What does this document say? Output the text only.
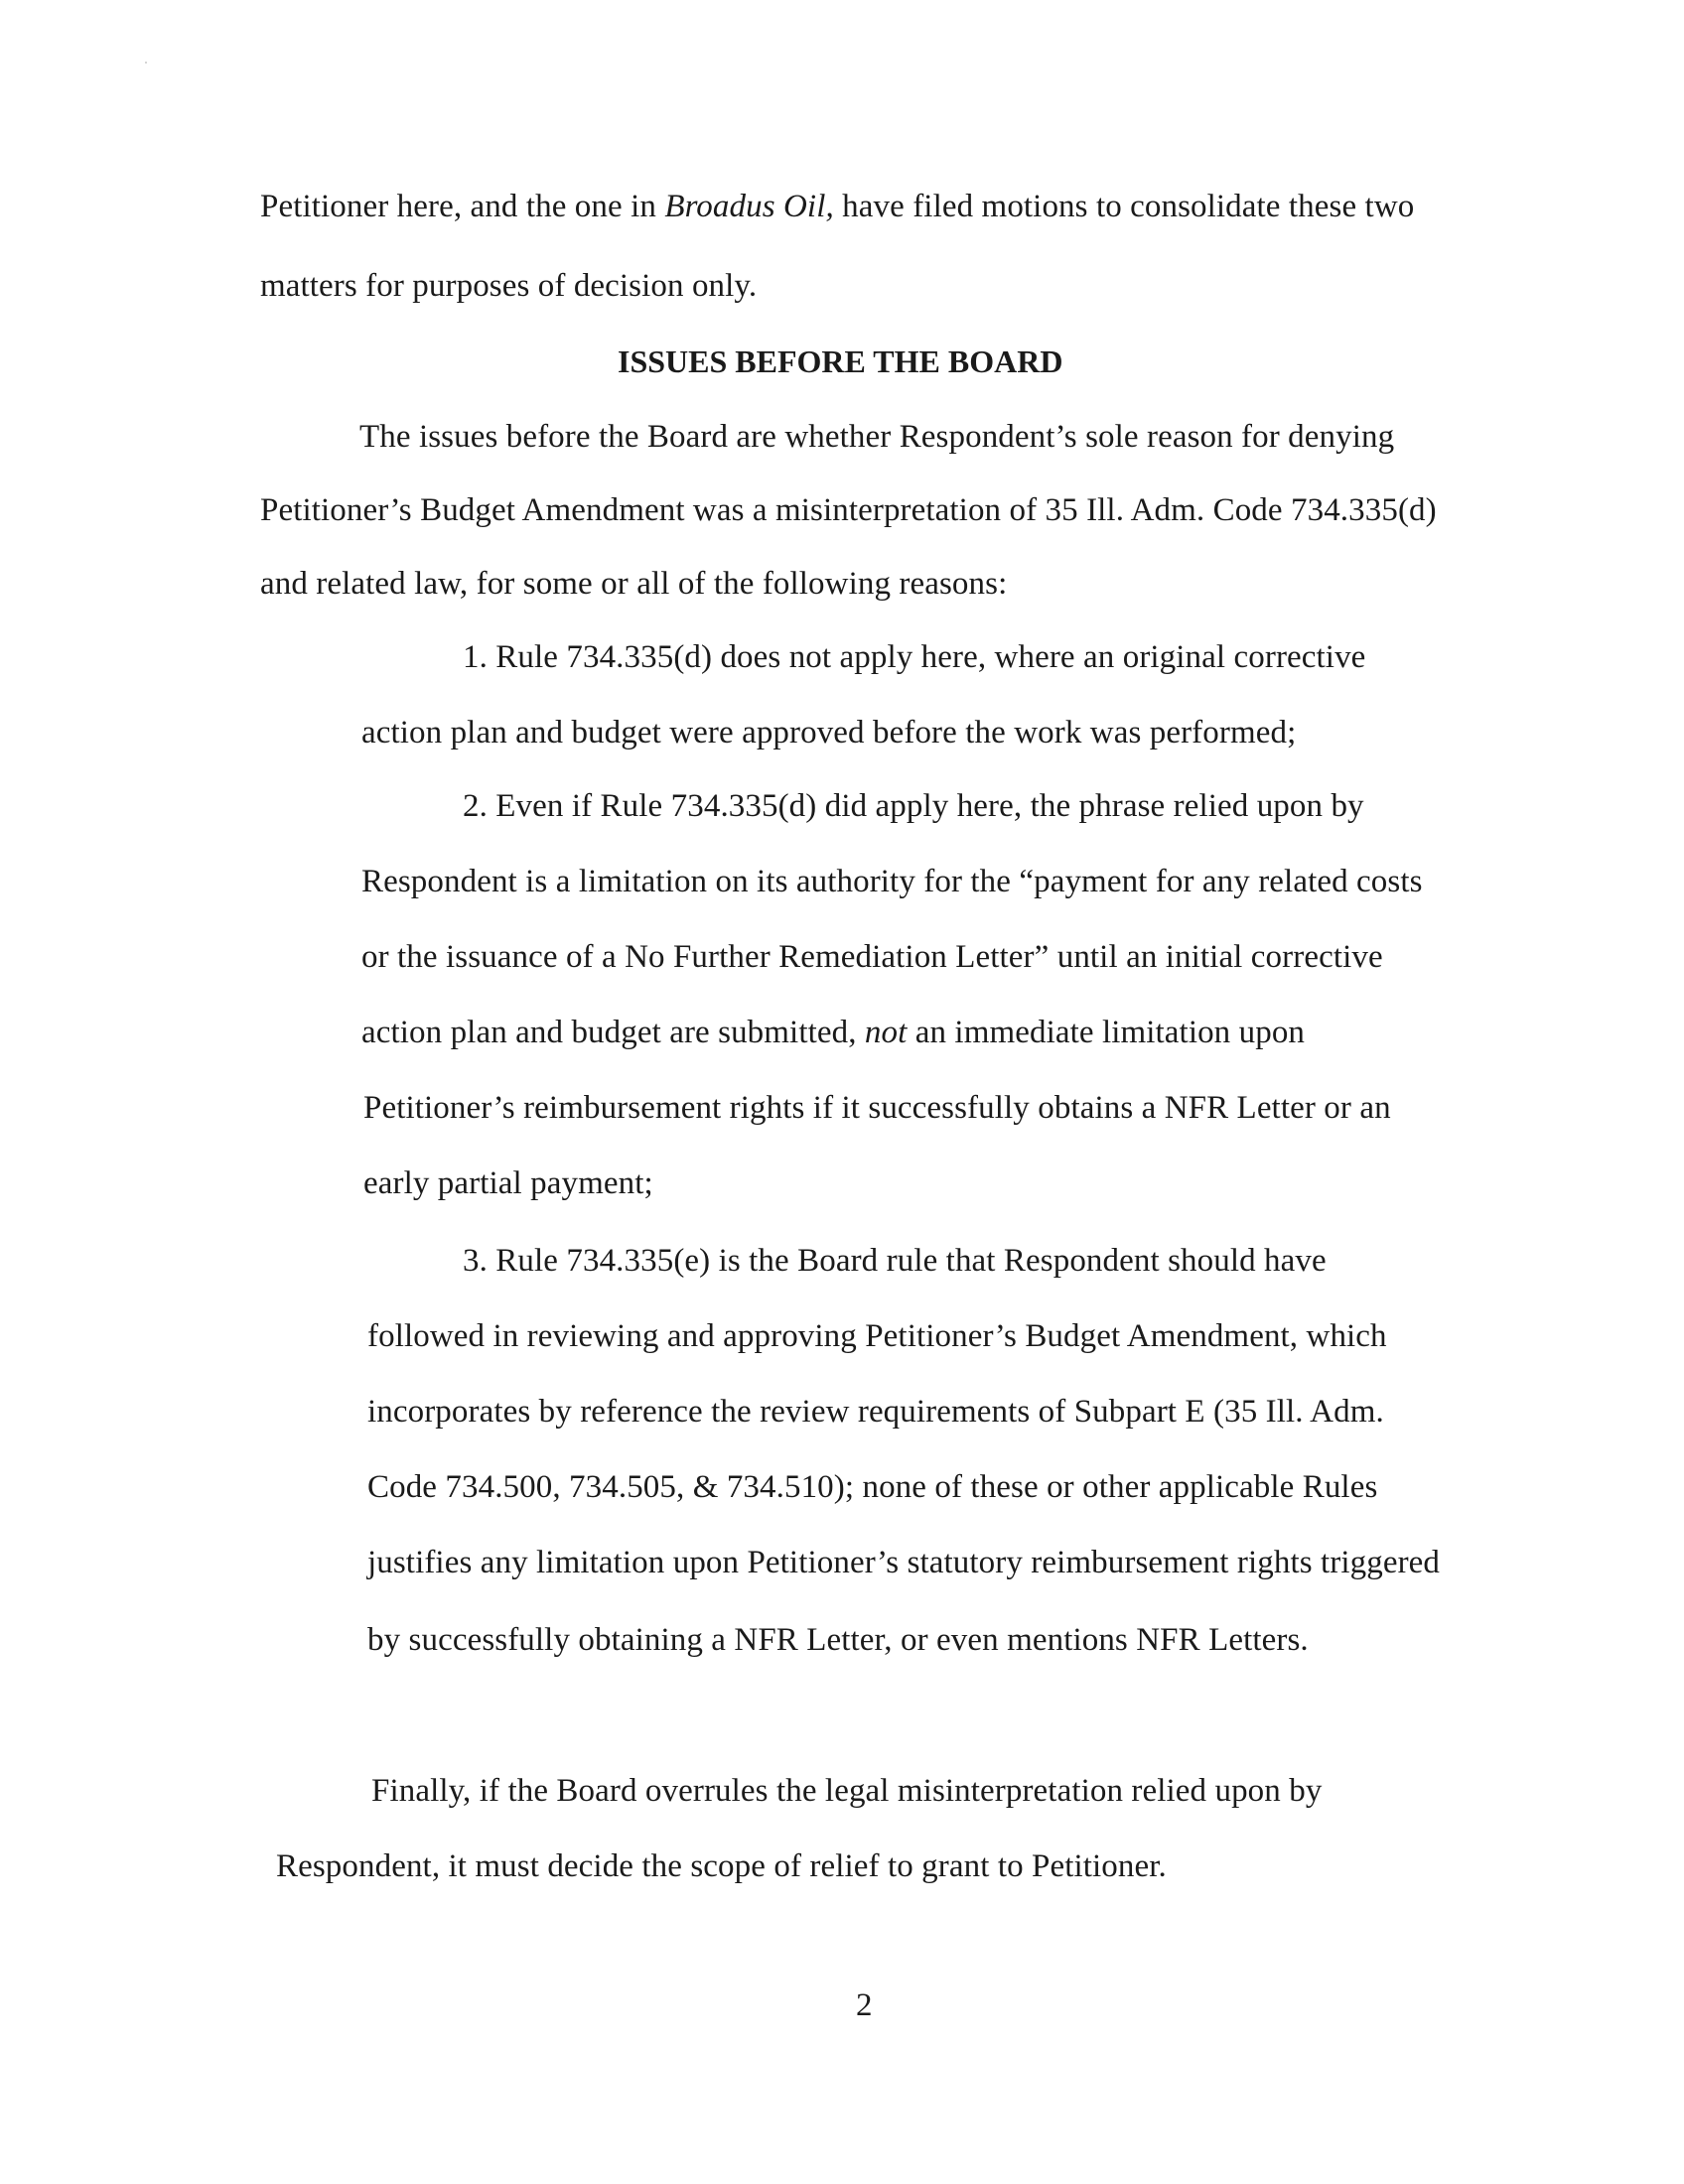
Petitioner here, and the one in Broadus Oil, have filed motions to consolidate these two
matters for purposes of decision only.
ISSUES BEFORE THE BOARD
The issues before the Board are whether Respondent’s sole reason for denying
Petitioner’s Budget Amendment was a misinterpretation of 35 Ill. Adm. Code 734.335(d)
and related law, for some or all of the following reasons:
1. Rule 734.335(d) does not apply here, where an original corrective
action plan and budget were approved before the work was performed;
2. Even if Rule 734.335(d) did apply here, the phrase relied upon by
Respondent is a limitation on its authority for the “payment for any related costs
or the issuance of a No Further Remediation Letter” until an initial corrective
action plan and budget are submitted, not an immediate limitation upon
Petitioner’s reimbursement rights if it successfully obtains a NFR Letter or an
early partial payment;
3. Rule 734.335(e) is the Board rule that Respondent should have
followed in reviewing and approving Petitioner’s Budget Amendment, which
incorporates by reference the review requirements of Subpart E (35 Ill. Adm.
Code 734.500, 734.505, & 734.510); none of these or other applicable Rules
justifies any limitation upon Petitioner’s statutory reimbursement rights triggered
by successfully obtaining a NFR Letter, or even mentions NFR Letters.
Finally, if the Board overrules the legal misinterpretation relied upon by
Respondent, it must decide the scope of relief to grant to Petitioner.
2
